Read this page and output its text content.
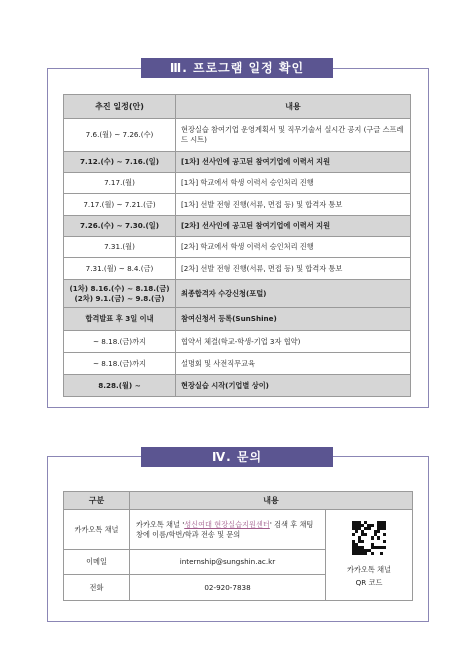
Ⅲ. 프로그램 일정 확인
추진 일정(안)	내용
7.6.(월) ~ 7.26.(수)	현장실습 참여기업 운영계획서 및 직무기술서 실시간 공지 (구글 스프레드 시트)
7.12.(수) ~ 7.16.(일)	[1차] 선사인에 공고된 참여기업에 이력서 지원
7.17.(월)	[1차] 학교에서 학생 이력서 승인처리 진행
7.17.(월) ~ 7.21.(금)	[1차] 선발 전형 진행(서류, 면접 등) 및 합격자 통보
7.26.(수) ~ 7.30.(일)	[2차] 선사인에 공고된 참여기업에 이력서 지원
7.31.(월)	[2차] 학교에서 학생 이력서 승인처리 진행
7.31.(월) ~ 8.4.(금)	[2차] 선발 전형 진행(서류, 면접 등) 및 합격자 통보

(1차) 8.16.(수) ~ 8.18.(금)
(2차) 9.1.(금) ~ 9.8.(금)	최종합격자 수강신청(포털)
합격발표 후 3일 이내	참여신청서 등록(SunShine)
~ 8.18.(금)까지	협약서 체결(학교-학생-기업 3자 협약)
~ 8.18.(금)까지	설명회 및 사전직무교육
8.28.(월) ~	현장실습 시작(기업별 상이)
Ⅳ. 문의
구분	내용	
카카오톡 채널	카카오톡 채널 '성신여대 현장실습지원센터' 검색 후 채팅창에 이름/학번/학과 전송 및 문의	카카오톡 채널
QR 코드

이메일	internship@sungshin.ac.kr	
전화	02-920-7838	
